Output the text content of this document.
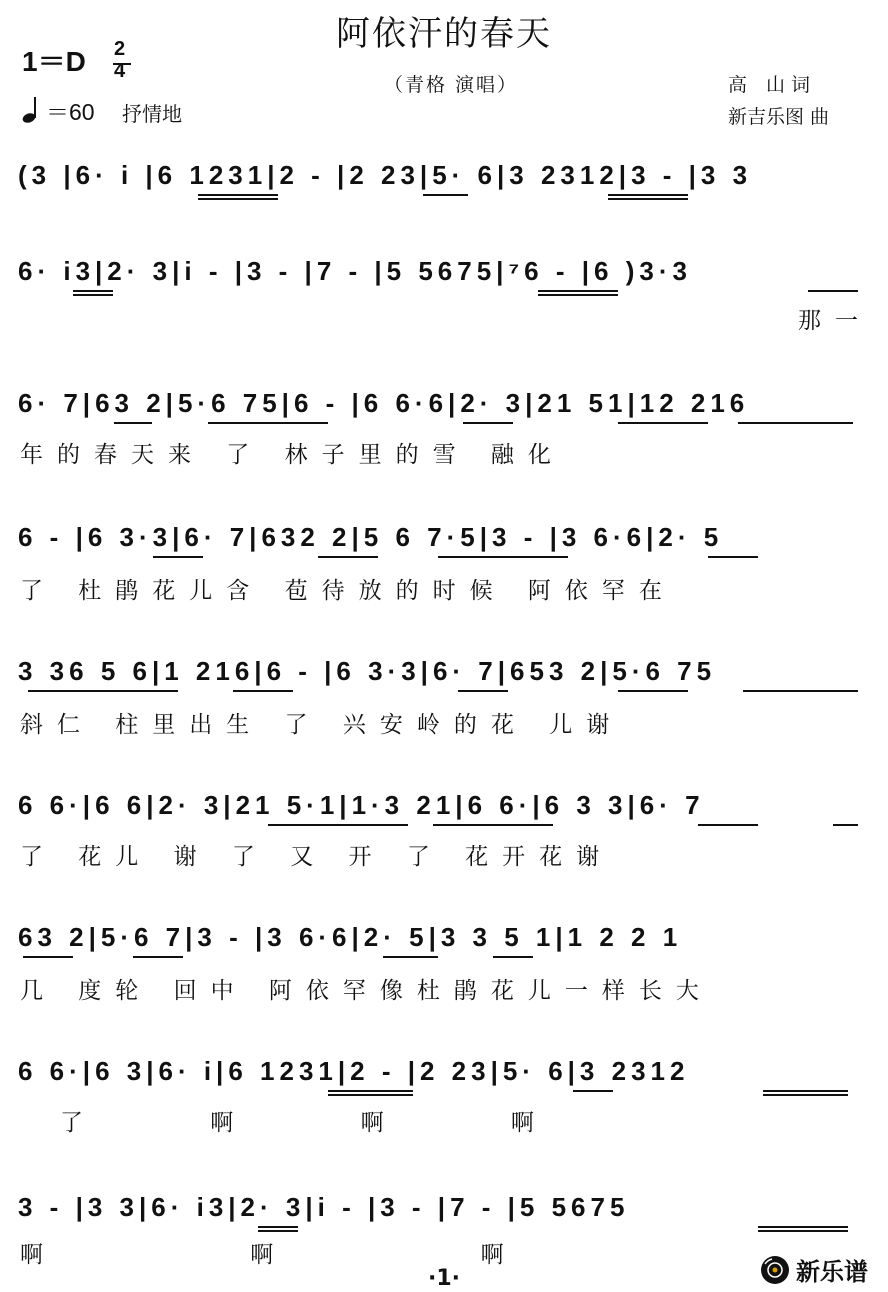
阿依汗的春天
1＝D 2
4
＝60 抒情地
（青格 演唱）	高　山 词
新吉乐图 曲
(3 |6· i |6 1231|2 - |2 23|5· 6|3 2312|3 - |3 3
6· i3|2· 3|i - |3 - |7 - |5 5675|⁷6 - |6 )3·3
那一
6· 7|63 2|5·6 75|6 - |6 6·6|2· 3|21 51|12 216
年的春天来 了 林子里的雪 融化
6 - |6 3·3|6· 7|632 2|5 6 7·5|3 - |3 6·6|2· 5
了 杜鹃花儿含 苞待放的时候 阿依罕在
3 36 5 6|1 216|6 - |6 3·3|6· 7|653 2|5·6 75
斜仁 柱里出生 了 兴安岭的花 儿谢
6 6·|6 6|2· 3|21 5·1|1·3 21|6 6·|6 3 3|6· 7
了 花儿 谢 了 又 开 了 花开花谢
63 2|5·6 7|3 - |3 6·6|2· 5|3 3 5 1|1 2 2 1
几 度轮 回中 阿依罕像杜鹃花儿一样长大
6 6·|6 3|6· i|6 1231|2 - |2 23|5· 6|3 2312
了 啊 啊 啊
3 - |3 3|6· i3|2· 3|i - |3 - |7 - |5 5675
啊 啊 啊
·1·	新乐谱
